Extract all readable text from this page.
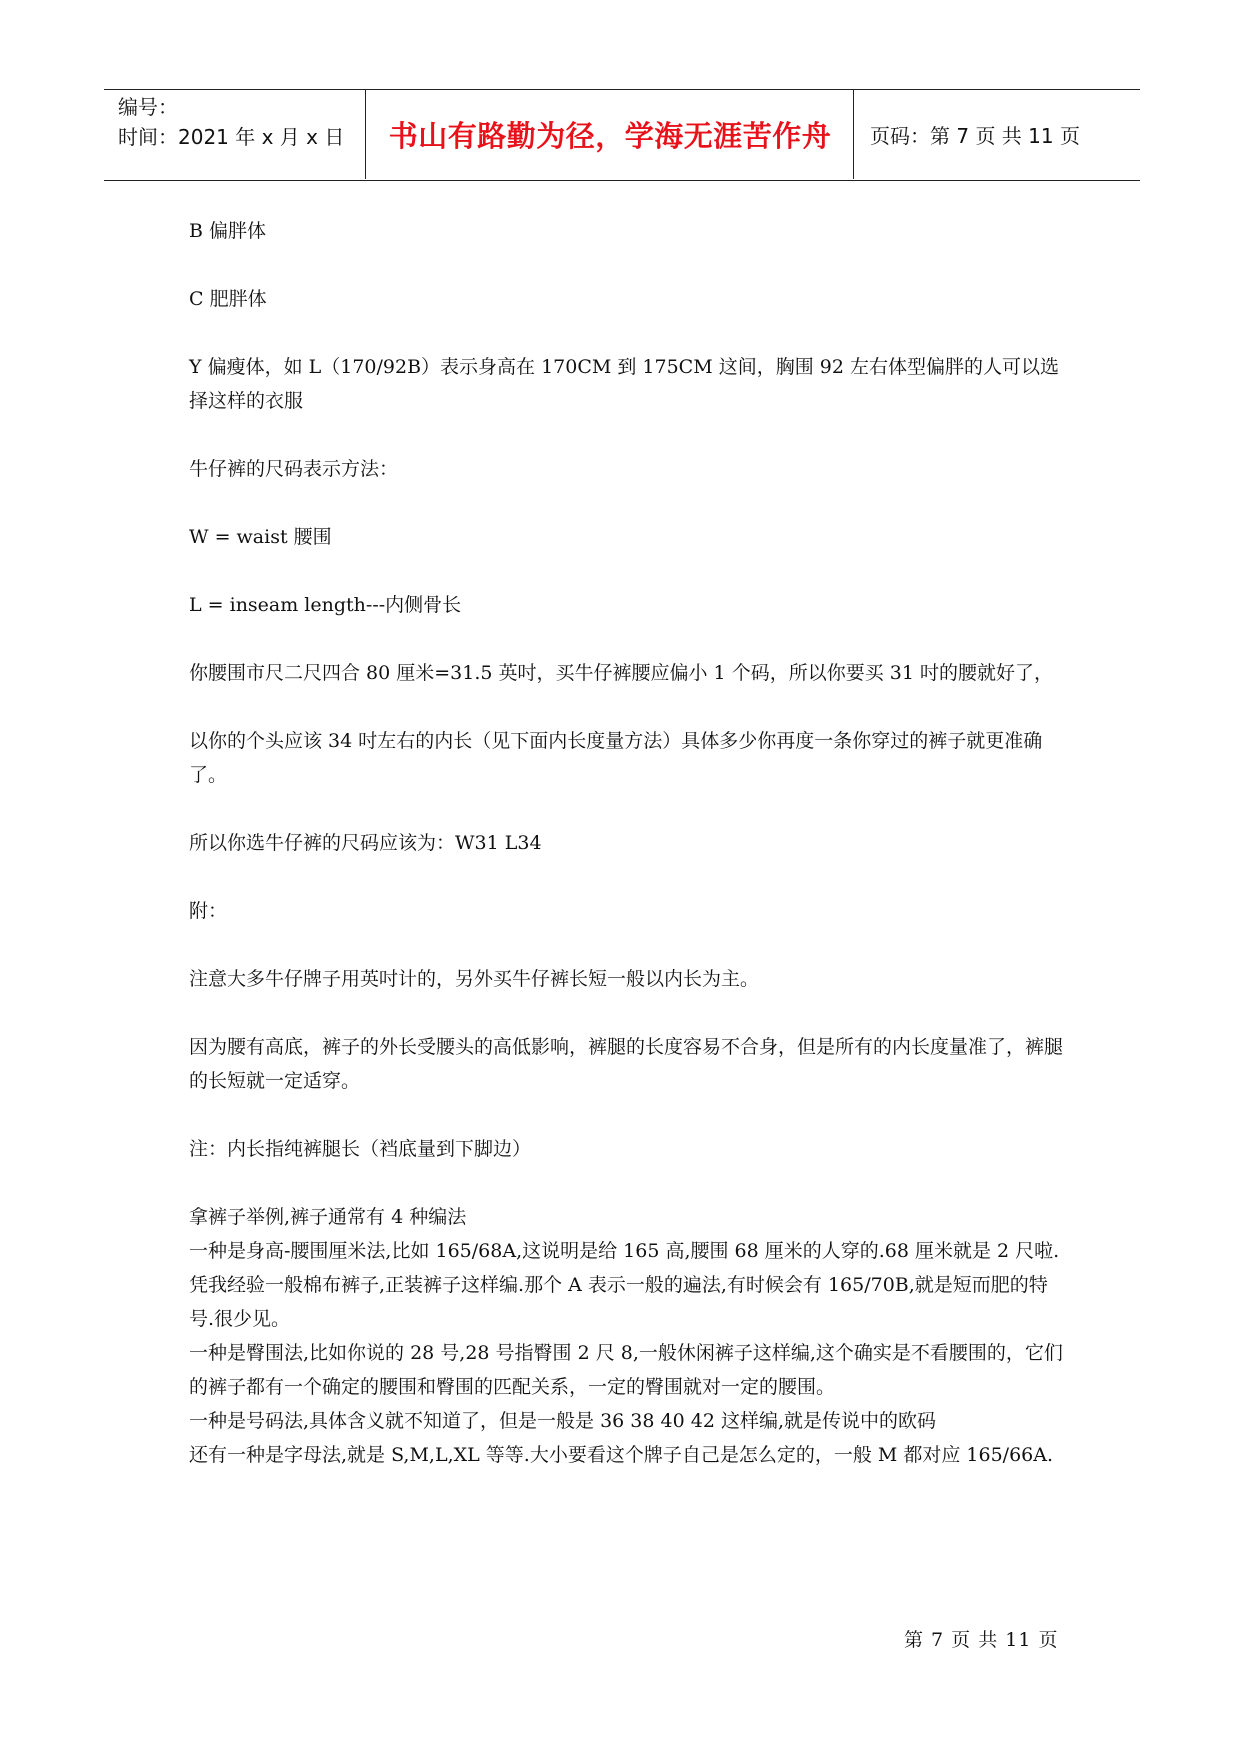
编号：
时间：2021 年 x 月 x 日	书山有路勤为径，学海无涯苦作舟	页码：第 7 页 共 11 页

B 偏胖体

C 肥胖体

Y 偏瘦体，如 L（170/92B）表示身高在 170CM 到 175CM 这间，胸围 92 左右体型偏胖的人可以选择这样的衣服

牛仔裤的尺码表示方法：

W = waist 腰围

L = inseam length---内侧骨长

你腰围市尺二尺四合 80 厘米=31.5 英吋，买牛仔裤腰应偏小 1 个码，所以你要买 31 吋的腰就好了，

以你的个头应该 34 吋左右的内长（见下面内长度量方法）具体多少你再度一条你穿过的裤子就更准确了。

所以你选牛仔裤的尺码应该为：W31 L34

附：

注意大多牛仔牌子用英吋计的，另外买牛仔裤长短一般以内长为主。

因为腰有高底，裤子的外长受腰头的高低影响，裤腿的长度容易不合身，但是所有的内长度量准了，裤腿的长短就一定适穿。

注：内长指纯裤腿长（裆底量到下脚边）

拿裤子举例,裤子通常有 4 种编法
一种是身高-腰围厘米法,比如 165/68A,这说明是给 165 高,腰围 68 厘米的人穿的.68 厘米就是 2 尺啦.凭我经验一般棉布裤子,正装裤子这样编.那个 A 表示一般的遍法,有时候会有 165/70B,就是短而肥的特号.很少见。
一种是臀围法,比如你说的 28 号,28 号指臀围 2 尺 8,一般休闲裤子这样编,这个确实是不看腰围的，它们的裤子都有一个确定的腰围和臀围的匹配关系，一定的臀围就对一定的腰围。
一种是号码法,具体含义就不知道了，但是一般是 36 38 40 42 这样编,就是传说中的欧码
还有一种是字母法,就是 S,M,L,XL 等等.大小要看这个牌子自己是怎么定的，一般 M 都对应 165/66A.
第 7 页 共 11 页
